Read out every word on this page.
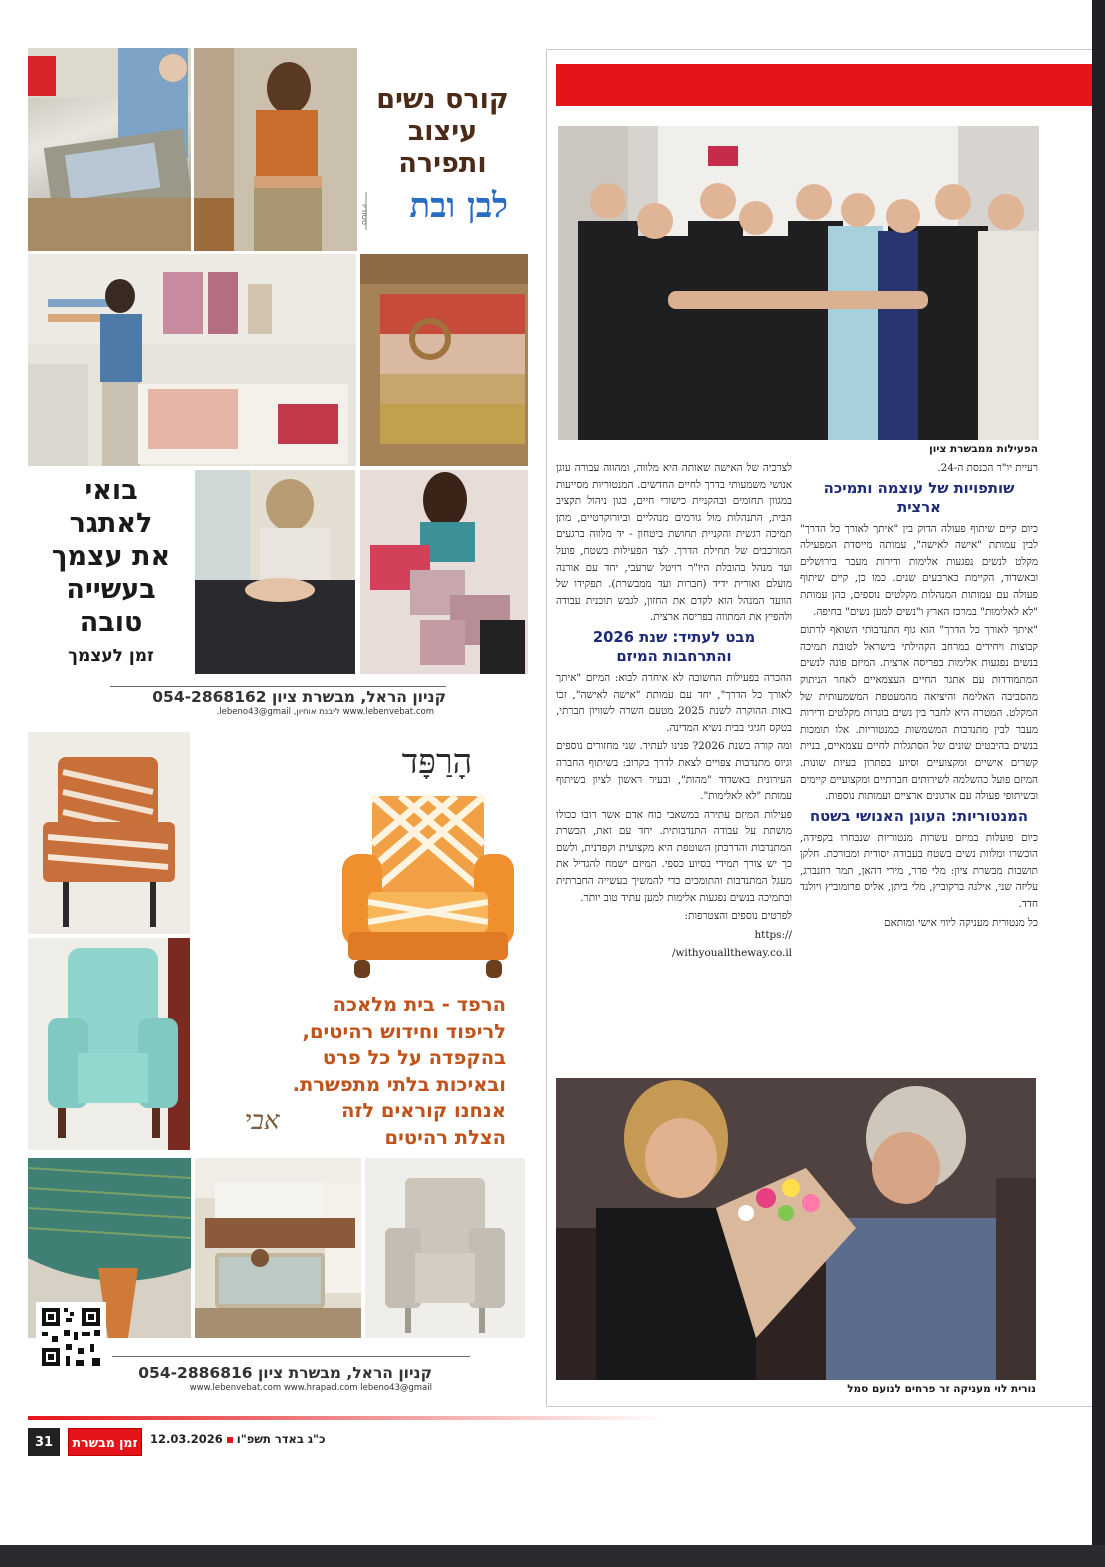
קורס נשים
עיצוב
ותפירה
לבן ובת
סטודיו
בואי
לאתגר
את עצמך
בעשייה
טובה
זמן לעצמך
קניון הראל, מבשרת ציון 054-2868162
www.lebenvebat.com ליבנת אוחיון, lebeno43@gmail.
הָרַפָּד
הרפד - בית מלאכה
לריפוד וחידוש רהיטים,
בהקפדה על כל פרט
ובאיכות בלתי מתפשרת.
אנחנו קוראים לזה
הצלת רהיטים
אבי
קניון הראל, מבשרת ציון 054-2886816
www.lebenvebat.com www.hrapad.com lebeno43@gmail
הפעילות ממבשרת ציון

רעיית יו"ר הכנסת ה-24.

שותפויות של עוצמה ותמיכה ארצית

כיום קיים שיתוף פעולה הדוק בין "איתך לאורך כל הדרך" לבין עמותת "אישה לאישה", עמותה מייסדת המפעילה מקלט לנשים נפגעות אלימות ודירות מעבר בירושלים ובאשדוד, הקיימת כארבעים שנים. כמו כן, קיים שיתוף פעולה עם עמותות המנהלות מקלטים נוספים, בהן עמותת "לא לאלימות" במרכז הארץ ו"נשים למען נשים" בחיפה.

"איתך לאורך כל הדרך" הוא גוף התנדבותי השואף לרתום קבוצות ויחידים במרחב הקהילתי בישראל לטובת תמיכה בנשים נפגעות אלימות בפריסה ארצית. המיזם פונה לנשים המתמודדות עם אתגר החיים העצמאיים לאחר הניתוק מהסביבה האלימה והיציאה מהמעטפת המשמעותית של המקלט. המטרה היא לחבר בין נשים בוגרות מקלטים ודירות מעבר לבין מתנדבות המשמשות כמנטוריות. אלו תומכות בנשים בהיבטים שונים של הסתגלות לחיים עצמאיים, בניית קשרים אישיים ומקצועיים וסיוע בפתרון בעיות שונות. המיזם פועל כהשלמה לשירותים חברתיים ומקצועיים קיימים ובשיתופי פעולה עם ארגונים ארציים ועמותות נוספות.

המנטוריות: העוגן האנושי בשטח

כיום פועלות במיזם עשרות מנטוריות שנבחרו בקפידה, הוכשרו ומלוות נשים בשטח בעבודה יסודית ומבורכת. חלקן תושבות מבשרת ציון: מלי פדר, מירי דהאן, תמר רוזנברג, עליזה שני, אילנה ברקוביץ, מלי ביתן, אליס פרומוביץ ויולנד חדד.

כל מנטורית מעניקה ליווי אישי ומותאם

לצרכיה של האישה שאותה היא מלווה, ומהווה עבורה עוגן אנושי משמעותי בדרך לחיים החדשים. המנטוריות מסייעות במגוון תחומים ובהקניית כישורי חיים, כגון ניהול תקציב הבית, התנהלות מול גורמים מנהליים וביורוקרטיים, מתן תמיכה רגשית והקניית תחושת ביטחון - יד מלווה ברגעים המורכבים של תחילת הדרך. לצד הפעילות בשטח, פועל ועד מנהל בהובלת היו"ר רויטל שרעבי, יחד עם אורנה מועלם ואורית ידיד (חברות ועד ממבשרת). תפקידו של הוועד המנהל הוא לקדם את החזון, לגבש תוכנית עבודה ולהפיץ את המתווה בפריסה ארצית.

מבט לעתיד: שנת 2026 והתרחבות המיזם

ההכרה בפעילות החשובה לא איחרה לבוא: המיזם "איתך לאורך כל הדרך", יחד עם עמותת "אישה לאישה", זכו באות ההוקרה לשנת 2025 מטעם השרה לשוויון חברתי, בטקס חגיגי בבית נשיא המדינה.

ומה קורה בשנת 2026? פנינו לעתיד. שני מחזורים נוספים וגיוס מתנדבות צפויים לצאת לדרך בקרוב: בשיתוף החברה העירונית באשדוד "מהות", ובעיר ראשון לציון בשיתוף עמותת "לא לאלימות".

פעילות המיזם עתירה במשאבי כוח אדם אשר רובו ככולו מושתת על עבודה התנדבותית. יחד עם זאת, הכשרת המתנדבות והדרכתן השוטפת היא מקצועית וקפדנית, ולשם כך יש צורך תמידי בסיוע כספי. המיזם ישמח להגדיל את מעגל המתנדבות והתומכים כדי להמשיך בעשייה החברתית ובתמיכה בנשים נפגעות אלימות למען עתיד טוב יותר.

לפרטים נוספים והצטרפות:

https://

/withyoualltheway.co.il

נורית לוי מעניקה זר פרחים לנועם סמל
31	זמן מבשרת	כ"ג באדר תשפ"ו12.03.2026
